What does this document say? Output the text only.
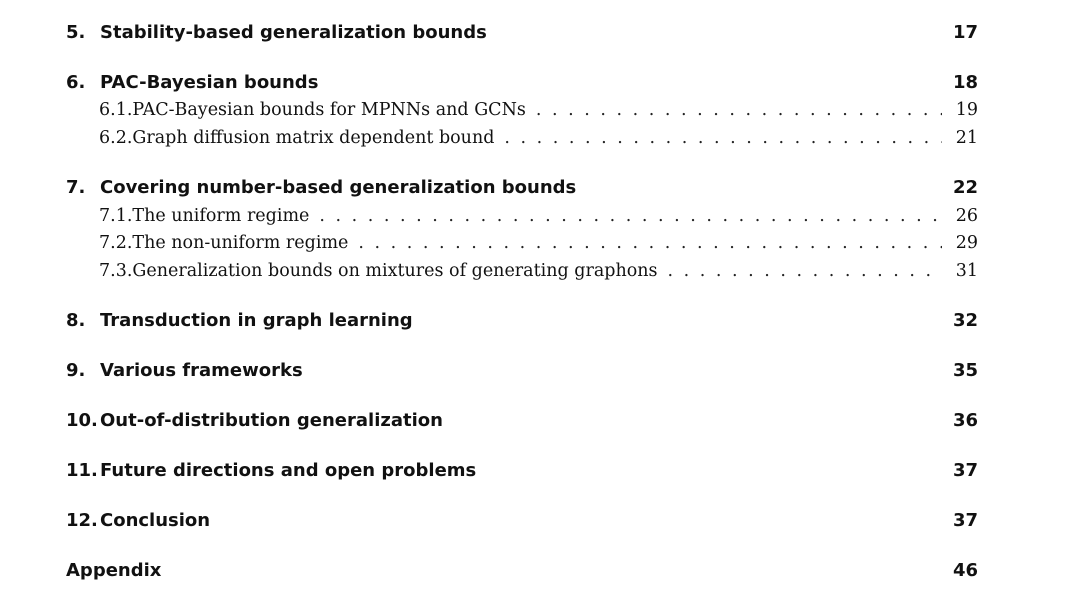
5. Stability-based generalization bounds	17
6. PAC-Bayesian bounds	18
6.1. PAC-Bayesian bounds for MPNNs and GCNs . . .	19
6.2. Graph diffusion matrix dependent bound . . .	21
7. Covering number-based generalization bounds	22
7.1. The uniform regime . . .	26
7.2. The non-uniform regime . . .	29
7.3. Generalization bounds on mixtures of generating graphons . . .	31
8. Transduction in graph learning	32
9. Various frameworks	35
10. Out-of-distribution generalization	36
11. Future directions and open problems	37
12. Conclusion	37
Appendix	46
